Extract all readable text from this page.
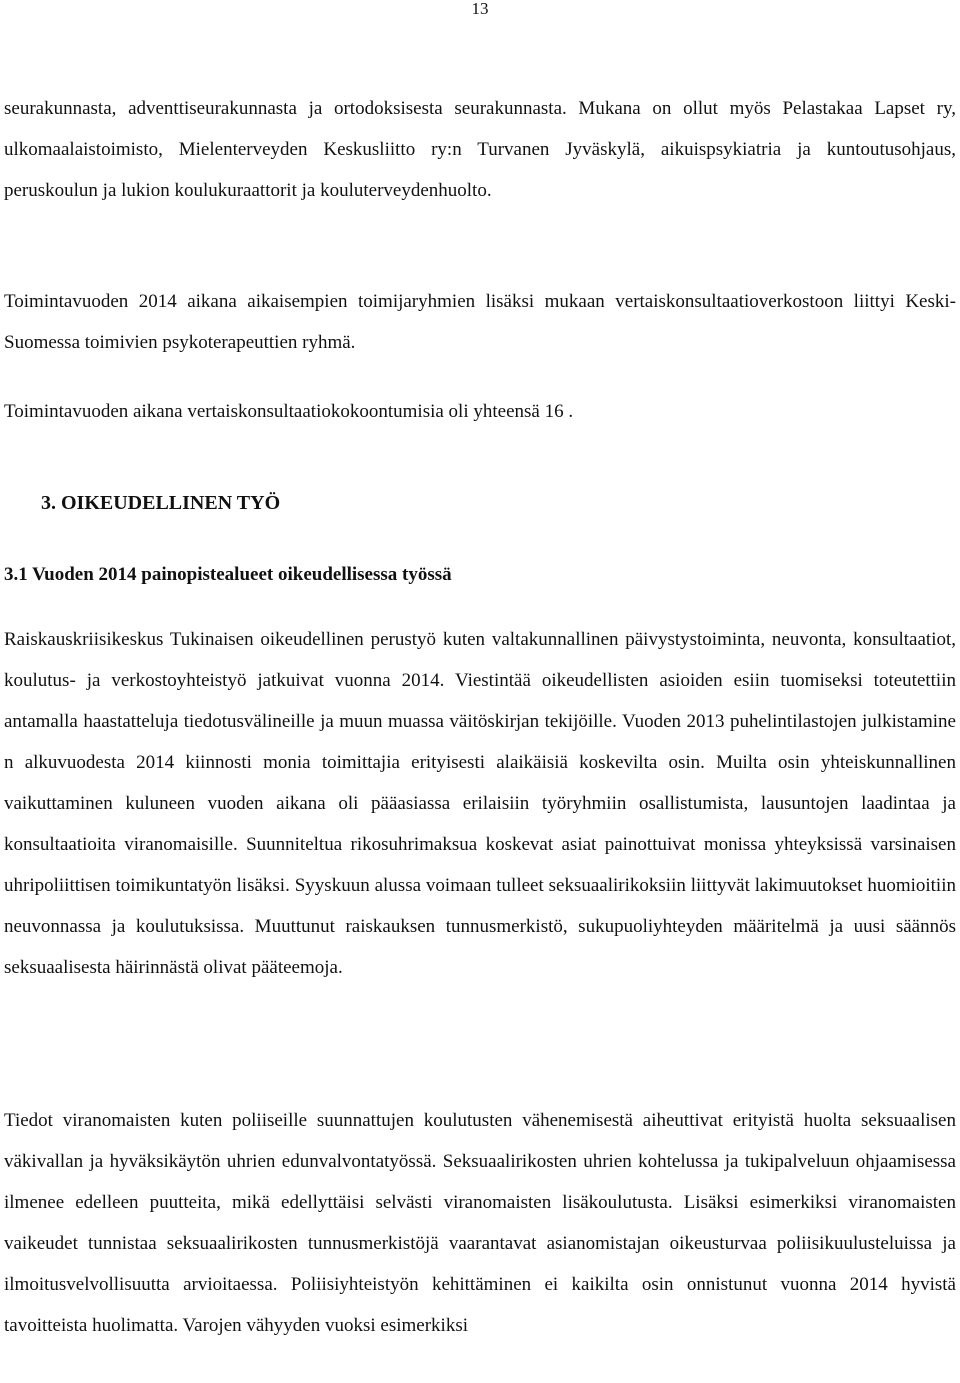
13
seurakunnasta, adventtiseurakunnasta ja ortodoksisesta seurakunnasta. Mukana on ollut myös Pelastakaa Lapset ry, ulkomaalaistoimisto, Mielenterveyden Keskusliitto ry:n Turvanen Jyväskylä, aikuispsykiatria ja kuntoutusohjaus, peruskoulun ja lukion koulukuraattorit ja kouluterveydenhuolto.
Toimintavuoden 2014 aikana aikaisempien toimijaryhmien lisäksi mukaan vertaiskonsultaatioverkostoon liittyi Keski-Suomessa toimivien psykoterapeuttien ryhmä.
Toimintavuoden aikana vertaiskonsultaatiokokoontumisia oli yhteensä 16 .
3. OIKEUDELLINEN TYÖ
3.1 Vuoden 2014 painopistealueet oikeudellisessa työssä
Raiskauskriisikeskus Tukinaisen oikeudellinen perustyö kuten valtakunnallinen päivystystoiminta, neuvonta, konsultaatiot, koulutus- ja verkostoyhteistyö jatkuivat vuonna 2014. Viestintää oikeudellisten asioiden esiin tuomiseksi toteutettiin antamalla haastatteluja tiedotusvälineille ja muun muassa väitöskirjan tekijöille. Vuoden 2013 puhelintilastojen julkistamine n alkuvuodesta 2014 kiinnosti monia toimittajia erityisesti alaikäisiä koskevilta osin. Muilta osin yhteiskunnallinen vaikuttaminen kuluneen vuoden aikana oli pääasiassa erilaisiin työryhmiin osallistumista, lausuntojen laadintaa ja konsultaatioita viranomaisille. Suunniteltua rikosuhrimaksua koskevat asiat painottuivat monissa yhteyksissä varsinaisen uhripoliittisen toimikuntatyön lisäksi. Syyskuun alussa voimaan tulleet seksuaalirikoksiin liittyvät lakimuutokset huomioitiin neuvonnassa ja koulutuksissa. Muuttunut raiskauksen tunnusmerkistö, sukupuoliyhteyden määritelmä ja uusi säännös seksuaalisesta häirinnästä olivat pääteemoja.
Tiedot viranomaisten kuten poliiseille suunnattujen koulutusten vähenemisestä aiheuttivat erityistä huolta seksuaalisen väkivallan ja hyväksikäytön uhrien edunvalvontatyössä. Seksuaalirikosten uhrien kohtelussa ja tukipalveluun ohjaamisessa ilmenee edelleen puutteita, mikä edellyttäisi selvästi viranomaisten lisäkoulutusta. Lisäksi esimerkiksi viranomaisten vaikeudet tunnistaa seksuaalirikosten tunnusmerkistöjä vaarantavat asianomistajan oikeusturvaa poliisikuulusteluissa ja ilmoitusvelvollisuutta arvioitaessa. Poliisiyhteistyön kehittäminen ei kaikilta osin onnistunut vuonna 2014 hyvistä tavoitteista huolimatta. Varojen vähyyden vuoksi esimerkiksi
